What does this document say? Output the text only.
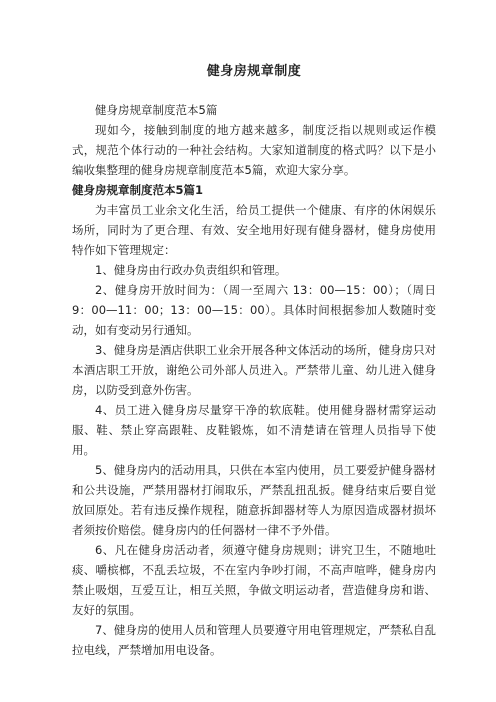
健身房规章制度

健身房规章制度范本5篇

现如今，接触到制度的地方越来越多，制度泛指以规则或运作模式，规范个体行动的一种社会结构。大家知道制度的格式吗？以下是小编收集整理的健身房规章制度范本5篇，欢迎大家分享。

健身房规章制度范本5篇1

为丰富员工业余文化生活，给员工提供一个健康、有序的休闲娱乐场所，同时为了更合理、有效、安全地用好现有健身器材，健身房使用特作如下管理规定：

1、健身房由行政办负责组织和管理。

2、健身房开放时间为：（周一至周六 13：00—15：00）；（周日 9：00—11：00；13：00—15：00）。具体时间根据参加人数随时变动，如有变动另行通知。

3、健身房是酒店供职工业余开展各种文体活动的场所，健身房只对本酒店职工开放，谢绝公司外部人员进入。严禁带儿童、幼儿进入健身房，以防受到意外伤害。

4、员工进入健身房尽量穿干净的软底鞋。使用健身器材需穿运动服、鞋、禁止穿高跟鞋、皮鞋锻炼，如不清楚请在管理人员指导下使用。

5、健身房内的活动用具，只供在本室内使用，员工要爱护健身器材和公共设施，严禁用器材打闹取乐，严禁乱扭乱扳。健身结束后要自觉放回原处。若有违反操作规程，随意拆卸器材等人为原因造成器材损坏者须按价赔偿。健身房内的任何器材一律不予外借。

6、凡在健身房活动者，须遵守健身房规则；讲究卫生，不随地吐痰、嚼槟榔，不乱丢垃圾，不在室内争吵打闹，不高声喧哗，健身房内禁止吸烟，互爱互让，相互关照，争做文明运动者，营造健身房和谐、友好的氛围。

7、健身房的使用人员和管理人员要遵守用电管理规定，严禁私自乱拉电线，严禁增加用电设备。
